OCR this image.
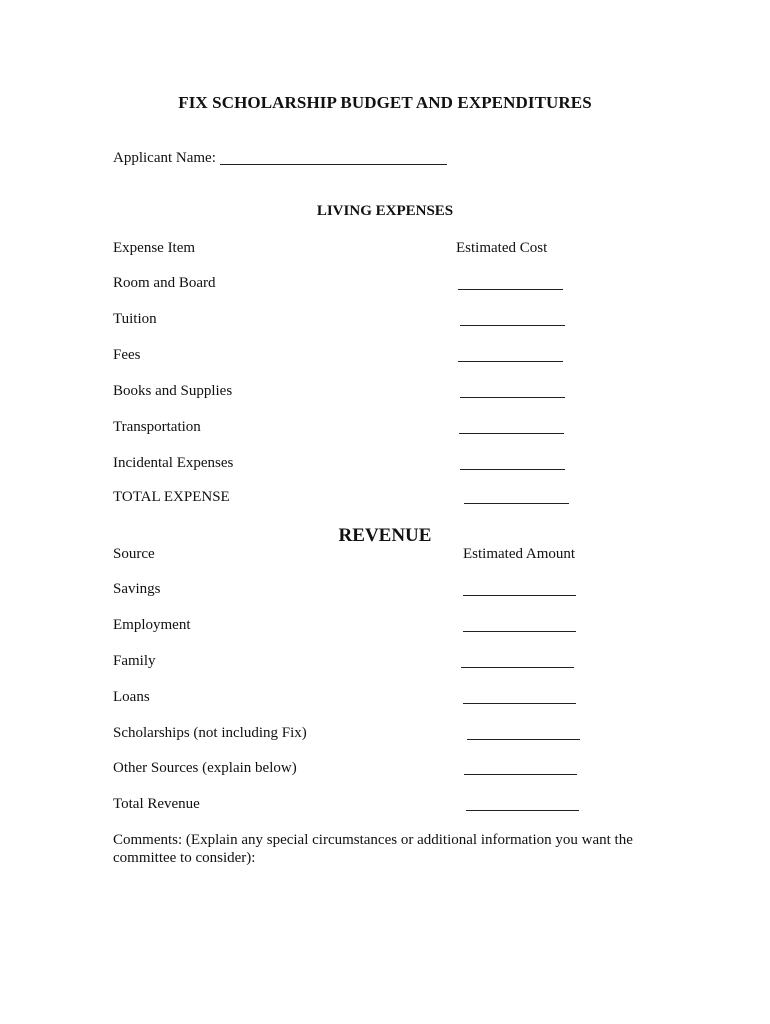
FIX SCHOLARSHIP BUDGET AND EXPENDITURES
Applicant Name:
LIVING EXPENSES
Expense Item	Estimated Cost
Room and Board
Tuition
Fees
Books and Supplies
Transportation
Incidental Expenses
TOTAL EXPENSE
REVENUE
Source	Estimated Amount
Savings
Employment
Family
Loans
Scholarships (not including Fix)
Other Sources (explain below)
Total Revenue
Comments: (Explain any special circumstances or additional information you want the committee to consider):
